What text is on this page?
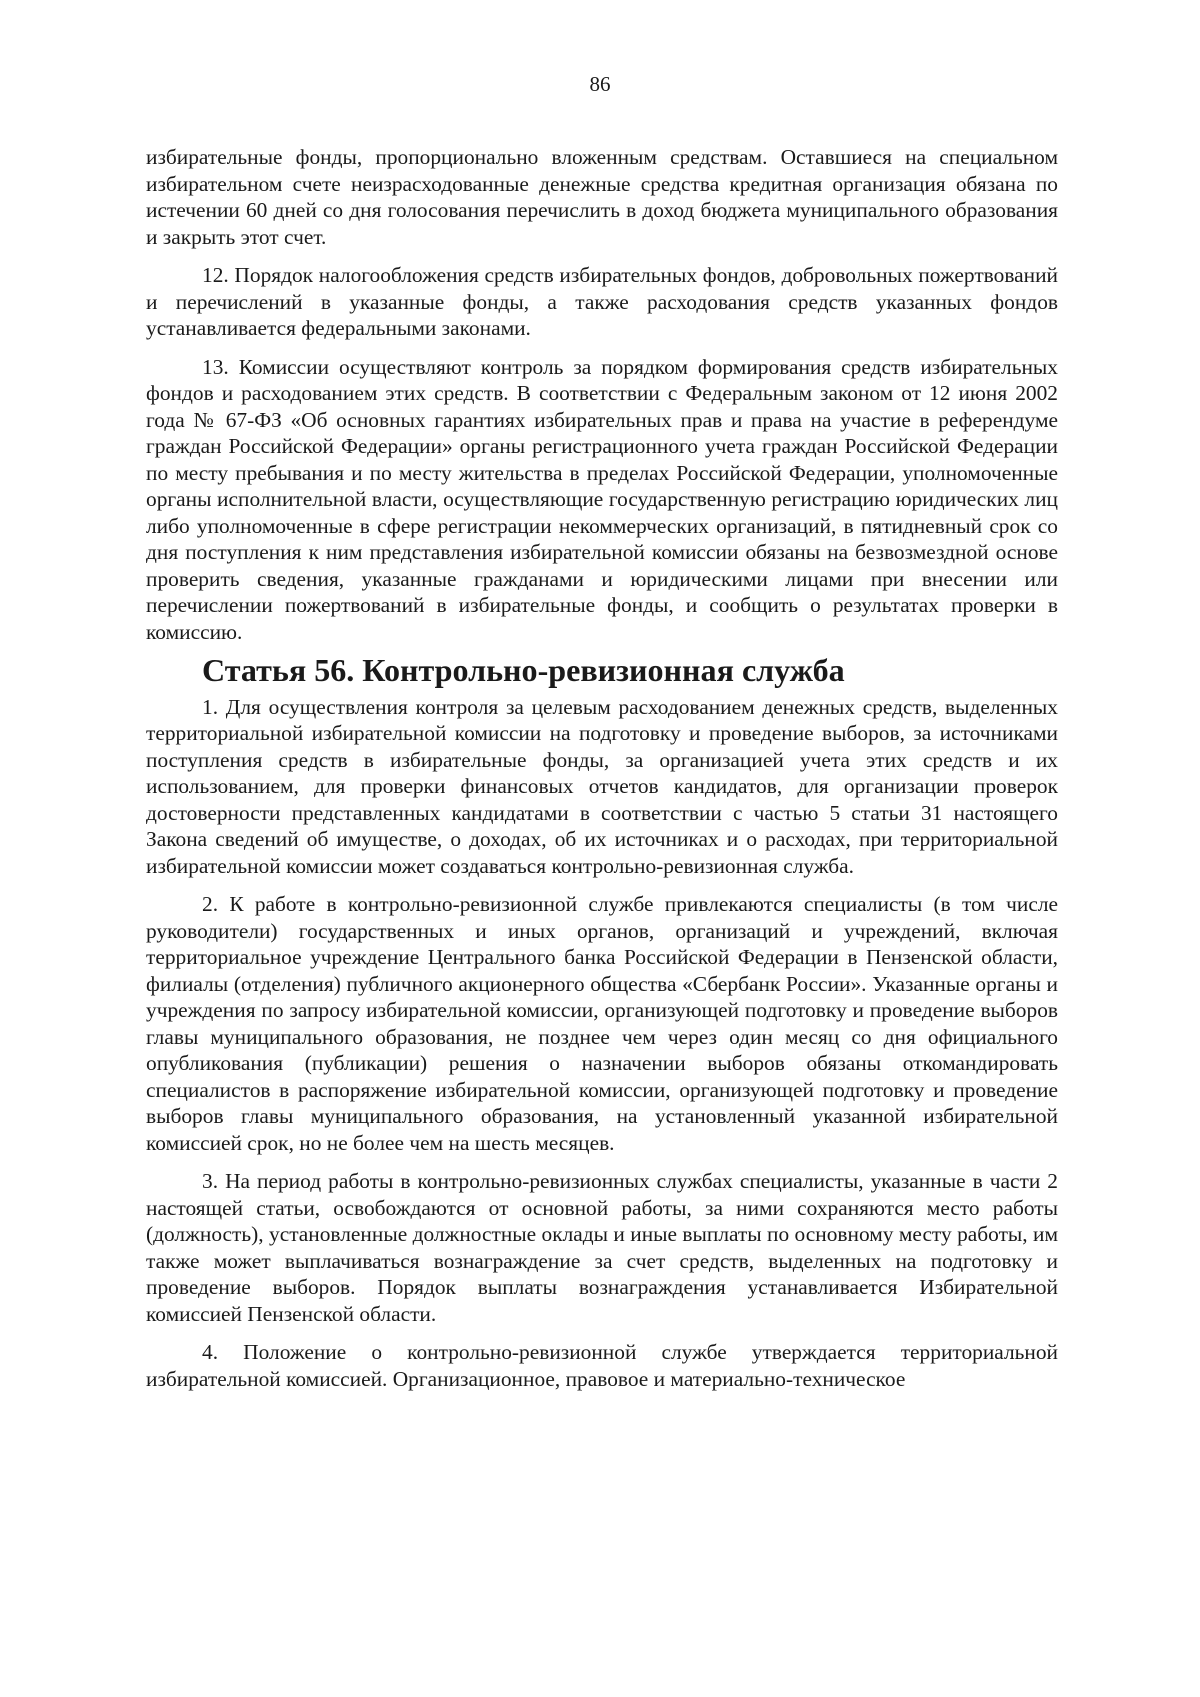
86

избирательные фонды, пропорционально вложенным средствам. Оставшиеся на специальном избирательном счете неизрасходованные денежные средства кредитная организация обязана по истечении 60 дней со дня голосования перечислить в доход бюджета муниципального образования и закрыть этот счет.

12. Порядок налогообложения средств избирательных фондов, добровольных пожертвований и перечислений в указанные фонды, а также расходования средств указанных фондов устанавливается федеральными законами.

13. Комиссии осуществляют контроль за порядком формирования средств избирательных фондов и расходованием этих средств. В соответствии с Федеральным законом от 12 июня 2002 года № 67-ФЗ «Об основных гарантиях избирательных прав и права на участие в референдуме граждан Российской Федерации» органы регистрационного учета граждан Российской Федерации по месту пребывания и по месту жительства в пределах Российской Федерации, уполномоченные органы исполнительной власти, осуществляющие государственную регистрацию юридических лиц либо уполномоченные в сфере регистрации некоммерческих организаций, в пятидневный срок со дня поступления к ним представления избирательной комиссии обязаны на безвозмездной основе проверить сведения, указанные гражданами и юридическими лицами при внесении или перечислении пожертвований в избирательные фонды, и сообщить о результатах проверки в комиссию.

Статья 56. Контрольно-ревизионная служба

1. Для осуществления контроля за целевым расходованием денежных средств, выделенных территориальной избирательной комиссии на подготовку и проведение выборов, за источниками поступления средств в избирательные фонды, за организацией учета этих средств и их использованием, для проверки финансовых отчетов кандидатов, для организации проверок достоверности представленных кандидатами в соответствии с частью 5 статьи 31 настоящего Закона сведений об имуществе, о доходах, об их источниках и о расходах, при территориальной избирательной комиссии может создаваться контрольно-ревизионная служба.

2. К работе в контрольно-ревизионной службе привлекаются специалисты (в том числе руководители) государственных и иных органов, организаций и учреждений, включая территориальное учреждение Центрального банка Российской Федерации в Пензенской области, филиалы (отделения) публичного акционерного общества «Сбербанк России». Указанные органы и учреждения по запросу избирательной комиссии, организующей подготовку и проведение выборов главы муниципального образования, не позднее чем через один месяц со дня официального опубликования (публикации) решения о назначении выборов обязаны откомандировать специалистов в распоряжение избирательной комиссии, организующей подготовку и проведение выборов главы муниципального образования, на установленный указанной избирательной комиссией срок, но не более чем на шесть месяцев.

3. На период работы в контрольно-ревизионных службах специалисты, указанные в части 2 настоящей статьи, освобождаются от основной работы, за ними сохраняются место работы (должность), установленные должностные оклады и иные выплаты по основному месту работы, им также может выплачиваться вознаграждение за счет средств, выделенных на подготовку и проведение выборов. Порядок выплаты вознаграждения устанавливается Избирательной комиссией Пензенской области.

4. Положение о контрольно-ревизионной службе утверждается территориальной избирательной комиссией. Организационное, правовое и материально-техническое
